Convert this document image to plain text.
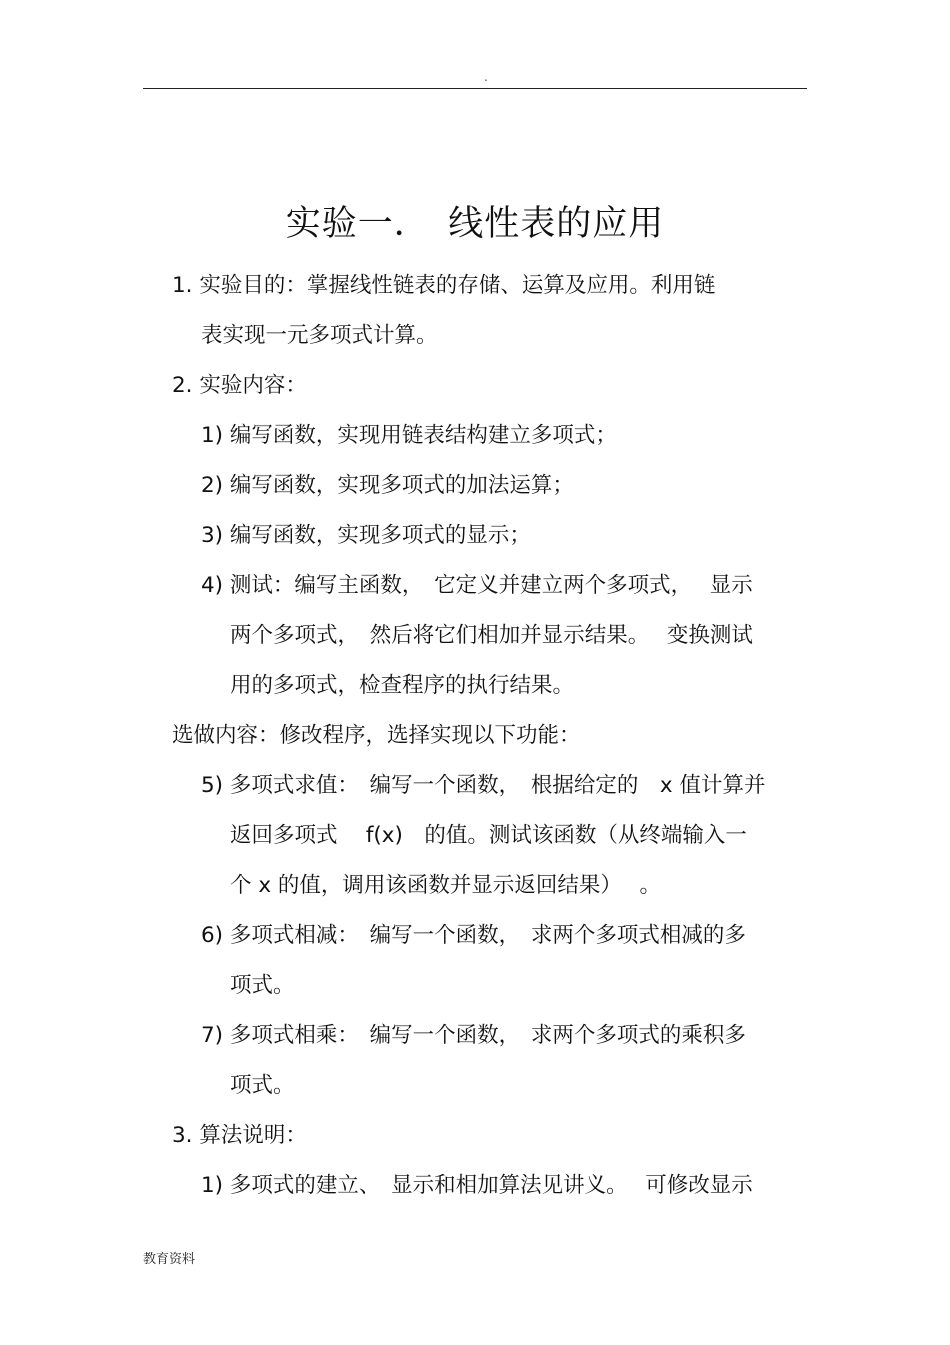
.
实验一．　线性表的应用
1. 实验目的：掌握线性链表的存储、运算及应用。利用链
表实现一元多项式计算。
2. 实验内容：
1) 编写函数，实现用链表结构建立多项式；
2) 编写函数，实现多项式的加法运算；
3) 编写函数，实现多项式的显示；
4) 测试：编写主函数，　它定义并建立两个多项式，　 显示
两个多项式，　然后将它们相加并显示结果。　 变换测试
用的多项式，检查程序的执行结果。
选做内容：修改程序，选择实现以下功能：
5) 多项式求值：　编写一个函数，　根据给定的　x 值计算并
返回多项式　 f(x)　的值。测试该函数（从终端输入一
个 x 的值，调用该函数并显示返回结果）　 。
6) 多项式相减：　编写一个函数，　求两个多项式相减的多
项式。
7) 多项式相乘：　编写一个函数，　求两个多项式的乘积多
项式。
3. 算法说明：
1) 多项式的建立、　显示和相加算法见讲义。　 可修改显示
教育资料
